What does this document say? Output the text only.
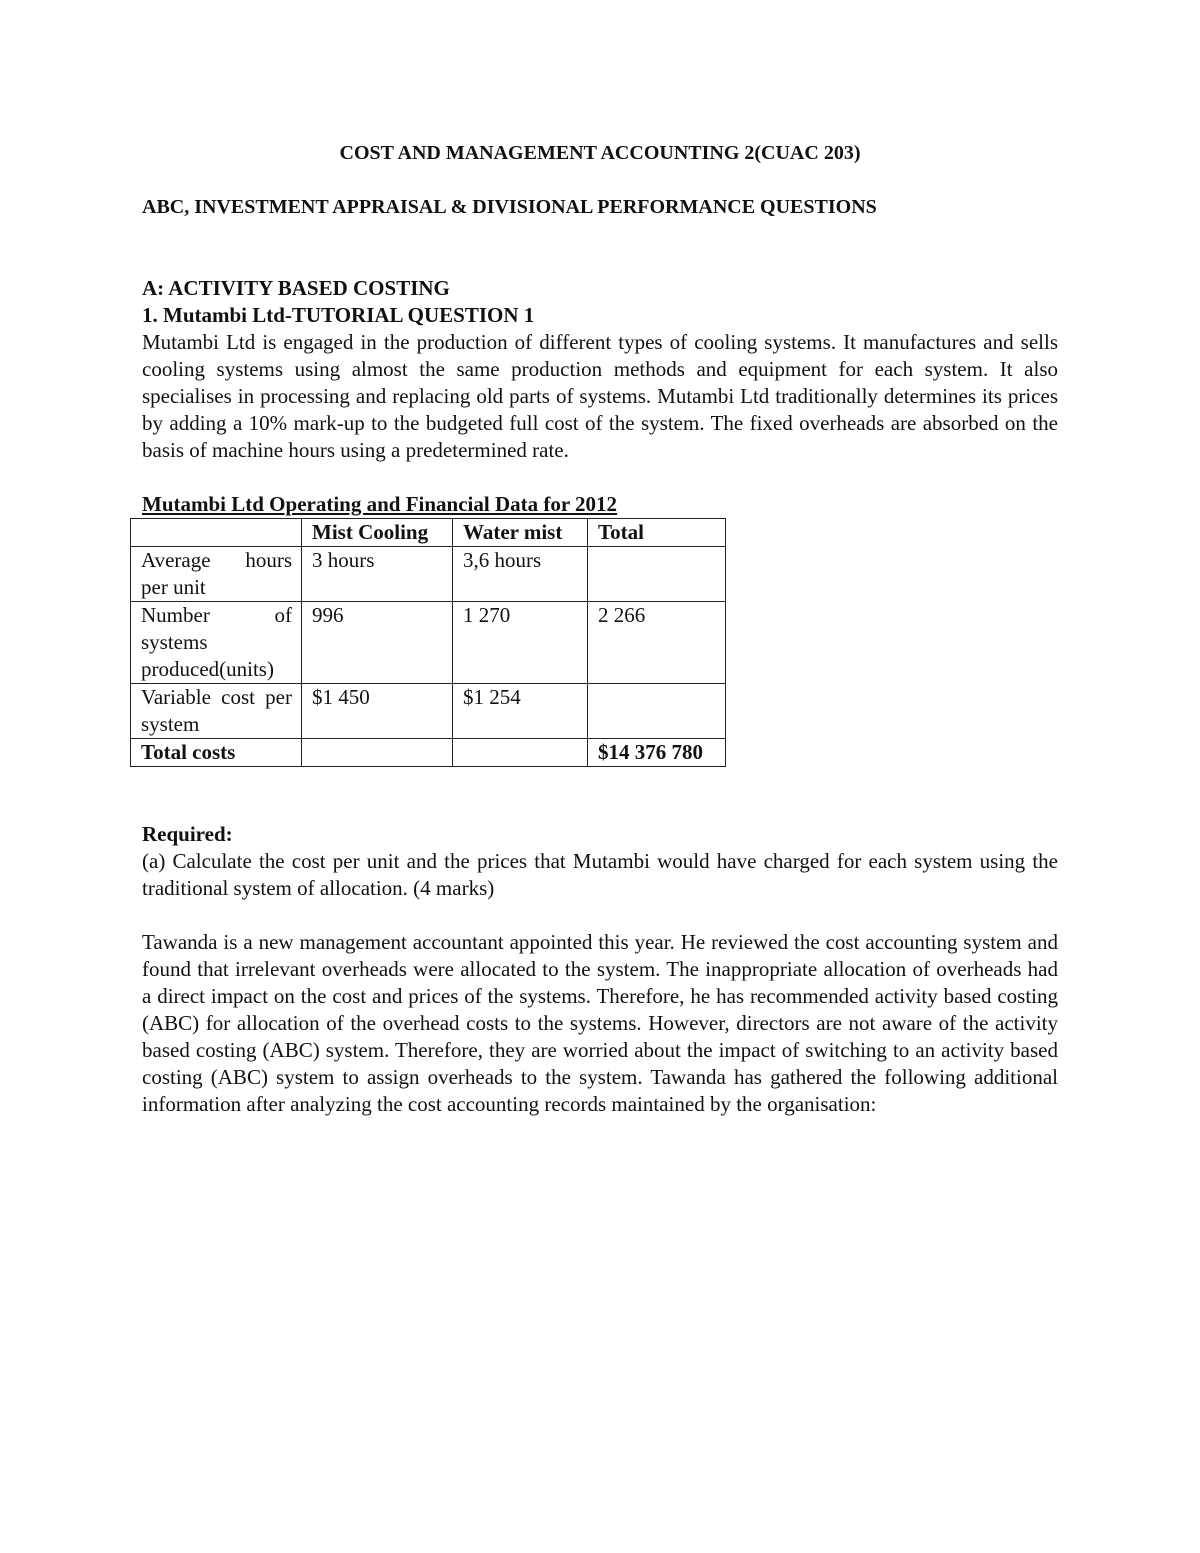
COST AND MANAGEMENT ACCOUNTING 2(CUAC 203)

ABC, INVESTMENT APPRAISAL & DIVISIONAL PERFORMANCE QUESTIONS

A: ACTIVITY BASED COSTING

1. Mutambi Ltd-TUTORIAL QUESTION 1

Mutambi Ltd is engaged in the production of different types of cooling systems. It manufactures and sells cooling systems using almost the same production methods and equipment for each system. It also specialises in processing and replacing old parts of systems. Mutambi Ltd traditionally determines its prices by adding a 10% mark-up to the budgeted full cost of the system. The fixed overheads are absorbed on the basis of machine hours using a predetermined rate.

Mutambi Ltd Operating and Financial Data for 2012

	Mist Cooling	Water mist	Total

Average hours per unit	3 hours	3,6 hours	

Number of systems produced(units)	996	1 270	2 266

Variable cost per system	$1 450	$1 254	
Total costs			$14 376 780

Required:

(a) Calculate the cost per unit and the prices that Mutambi would have charged for each system using the traditional system of allocation. (4 marks)

Tawanda is a new management accountant appointed this year. He reviewed the cost accounting system and found that irrelevant overheads were allocated to the system. The inappropriate allocation of overheads had a direct impact on the cost and prices of the systems. Therefore, he has recommended activity based costing (ABC) for allocation of the overhead costs to the systems. However, directors are not aware of the activity based costing (ABC) system. Therefore, they are worried about the impact of switching to an activity based costing (ABC) system to assign overheads to the system. Tawanda has gathered the following additional information after analyzing the cost accounting records maintained by the organisation:
